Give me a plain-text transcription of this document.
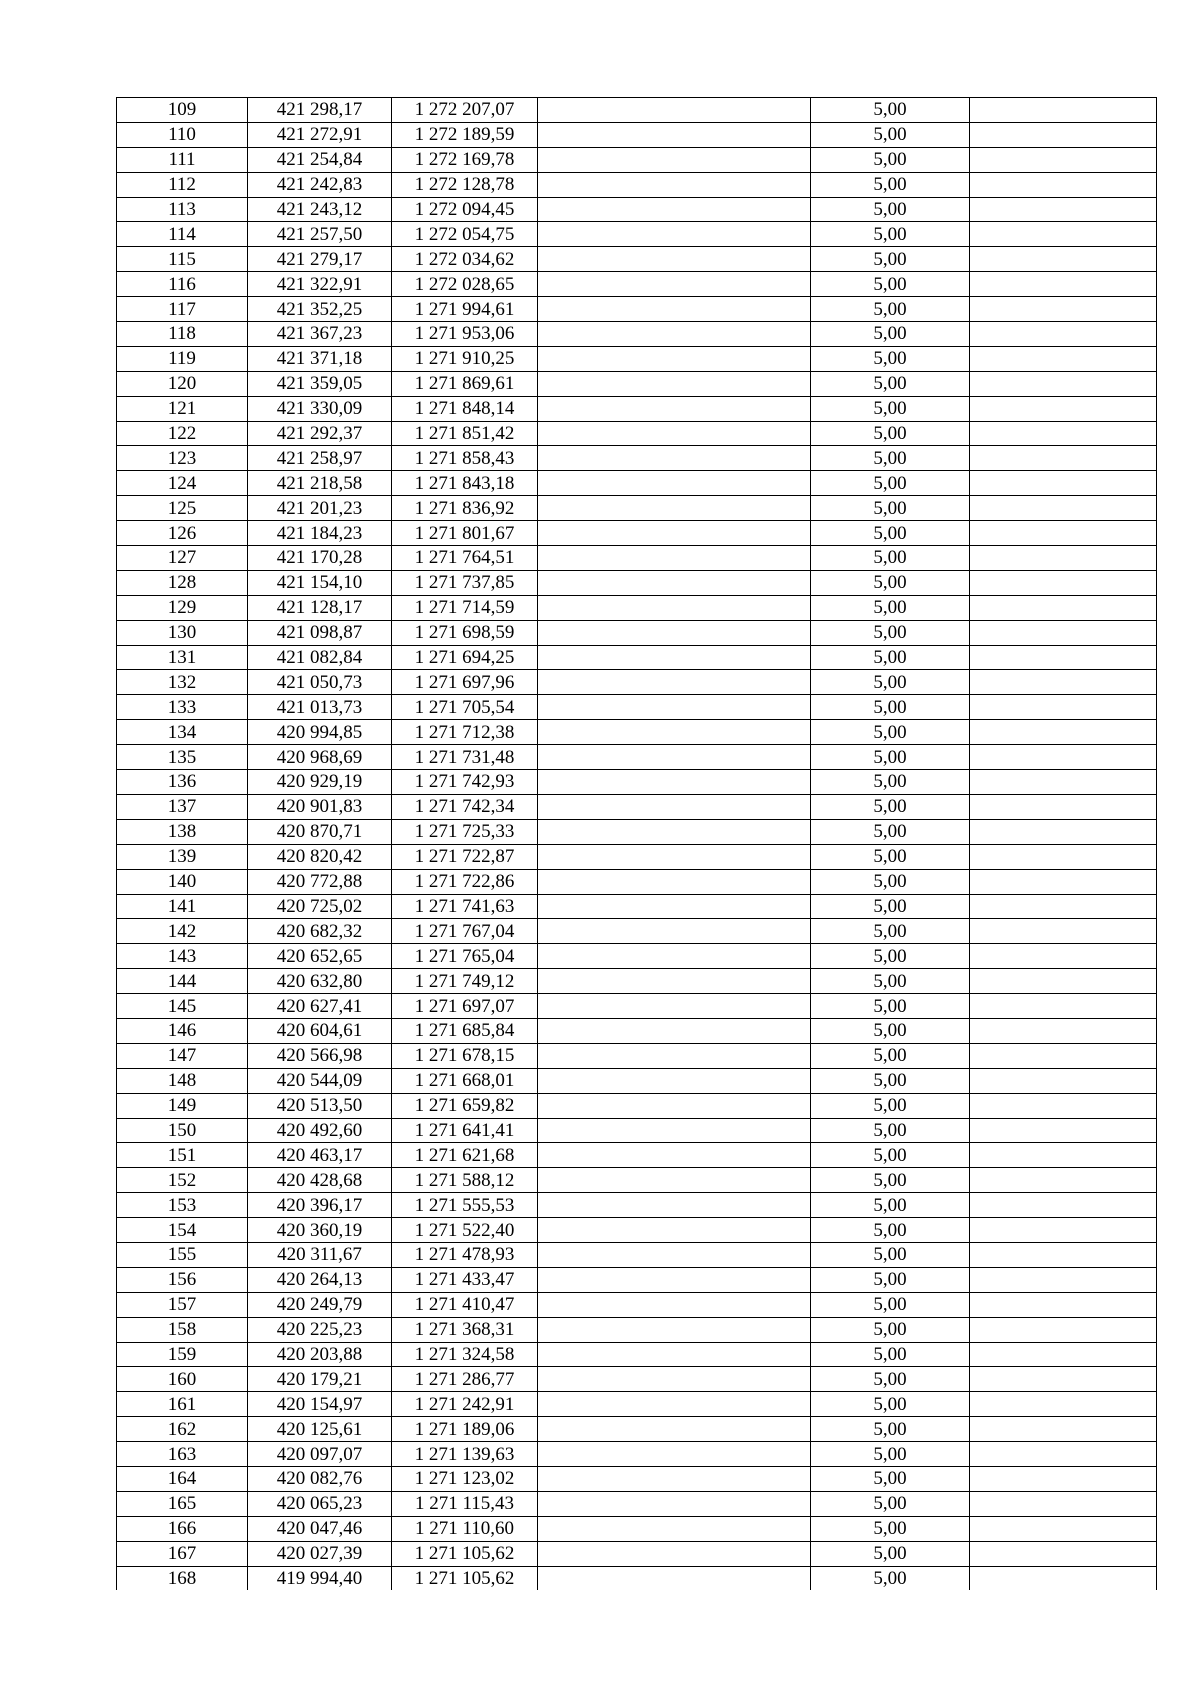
109	421 298,17	1 272 207,07		5,00	
110	421 272,91	1 272 189,59		5,00	
111	421 254,84	1 272 169,78		5,00	
112	421 242,83	1 272 128,78		5,00	
113	421 243,12	1 272 094,45		5,00	
114	421 257,50	1 272 054,75		5,00	
115	421 279,17	1 272 034,62		5,00	
116	421 322,91	1 272 028,65		5,00	
117	421 352,25	1 271 994,61		5,00	
118	421 367,23	1 271 953,06		5,00	
119	421 371,18	1 271 910,25		5,00	
120	421 359,05	1 271 869,61		5,00	
121	421 330,09	1 271 848,14		5,00	
122	421 292,37	1 271 851,42		5,00	
123	421 258,97	1 271 858,43		5,00	
124	421 218,58	1 271 843,18		5,00	
125	421 201,23	1 271 836,92		5,00	
126	421 184,23	1 271 801,67		5,00	
127	421 170,28	1 271 764,51		5,00	
128	421 154,10	1 271 737,85		5,00	
129	421 128,17	1 271 714,59		5,00	
130	421 098,87	1 271 698,59		5,00	
131	421 082,84	1 271 694,25		5,00	
132	421 050,73	1 271 697,96		5,00	
133	421 013,73	1 271 705,54		5,00	
134	420 994,85	1 271 712,38		5,00	
135	420 968,69	1 271 731,48		5,00	
136	420 929,19	1 271 742,93		5,00	
137	420 901,83	1 271 742,34		5,00	
138	420 870,71	1 271 725,33		5,00	
139	420 820,42	1 271 722,87		5,00	
140	420 772,88	1 271 722,86		5,00	
141	420 725,02	1 271 741,63		5,00	
142	420 682,32	1 271 767,04		5,00	
143	420 652,65	1 271 765,04		5,00	
144	420 632,80	1 271 749,12		5,00	
145	420 627,41	1 271 697,07		5,00	
146	420 604,61	1 271 685,84		5,00	
147	420 566,98	1 271 678,15		5,00	
148	420 544,09	1 271 668,01		5,00	
149	420 513,50	1 271 659,82		5,00	
150	420 492,60	1 271 641,41		5,00	
151	420 463,17	1 271 621,68		5,00	
152	420 428,68	1 271 588,12		5,00	
153	420 396,17	1 271 555,53		5,00	
154	420 360,19	1 271 522,40		5,00	
155	420 311,67	1 271 478,93		5,00	
156	420 264,13	1 271 433,47		5,00	
157	420 249,79	1 271 410,47		5,00	
158	420 225,23	1 271 368,31		5,00	
159	420 203,88	1 271 324,58		5,00	
160	420 179,21	1 271 286,77		5,00	
161	420 154,97	1 271 242,91		5,00	
162	420 125,61	1 271 189,06		5,00	
163	420 097,07	1 271 139,63		5,00	
164	420 082,76	1 271 123,02		5,00	
165	420 065,23	1 271 115,43		5,00	
166	420 047,46	1 271 110,60		5,00	
167	420 027,39	1 271 105,62		5,00	
168	419 994,40	1 271 105,62		5,00	
